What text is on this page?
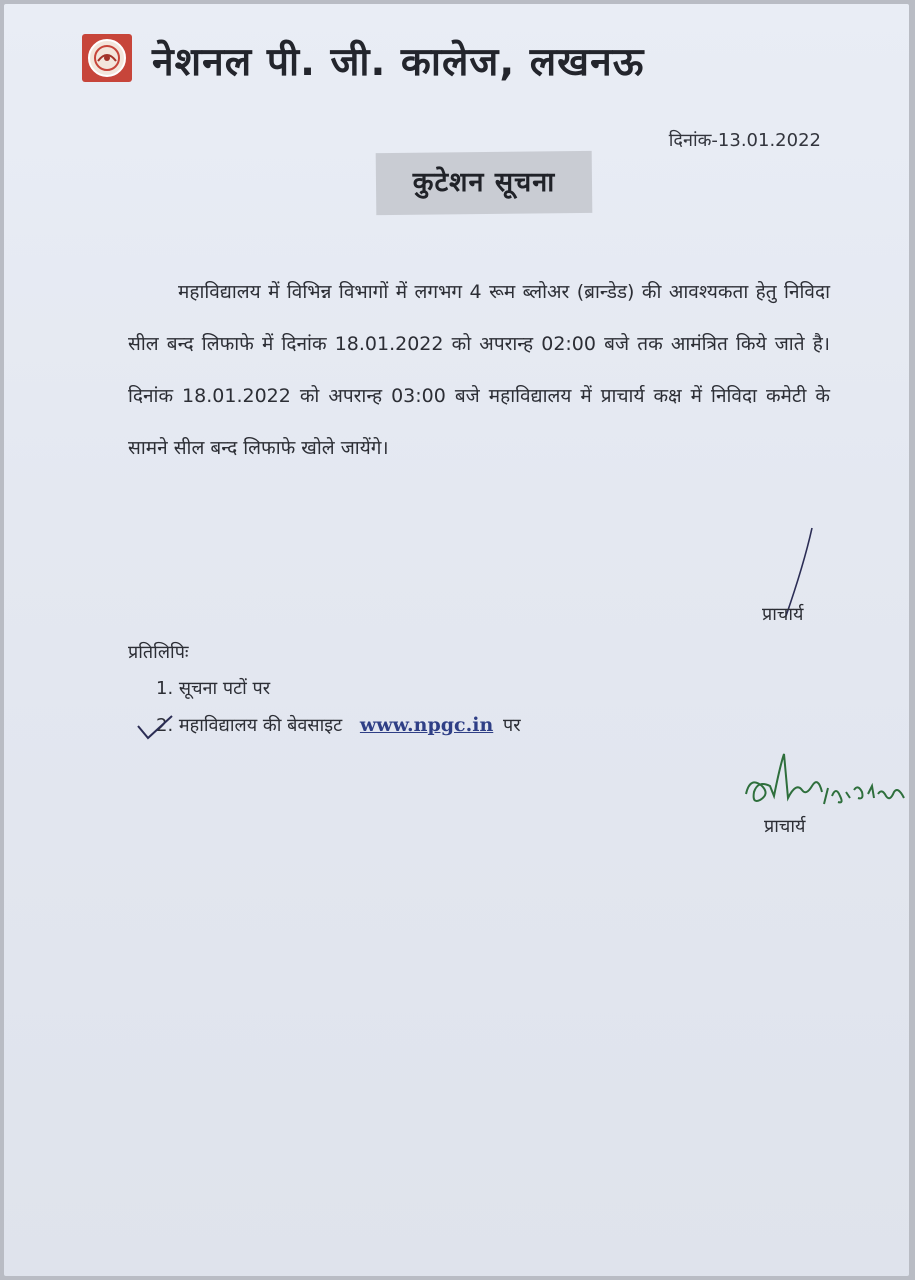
नेशनल पी. जी. कालेज, लखनऊ
दिनांक-13.01.2022
कुटेशन सूचना

महाविद्यालय में विभिन्न विभागों में लगभग 4 रूम ब्लोअर (ब्रान्डेड) की आवश्यकता हेतु निविदा सील बन्द लिफाफे में दिनांक 18.01.2022 को अपरान्ह 02:00 बजे तक आमंत्रित किये जाते है। दिनांक 18.01.2022 को अपरान्ह 03:00 बजे महाविद्यालय में प्राचार्य कक्ष में निविदा कमेटी के सामने सील बन्द लिफाफे खोले जायेंगे।

प्राचार्य
प्रतिलिपिः
1. सूचना पटों पर
2. महाविद्यालय की बेवसाइट www.npgc.in पर
प्राचार्य
